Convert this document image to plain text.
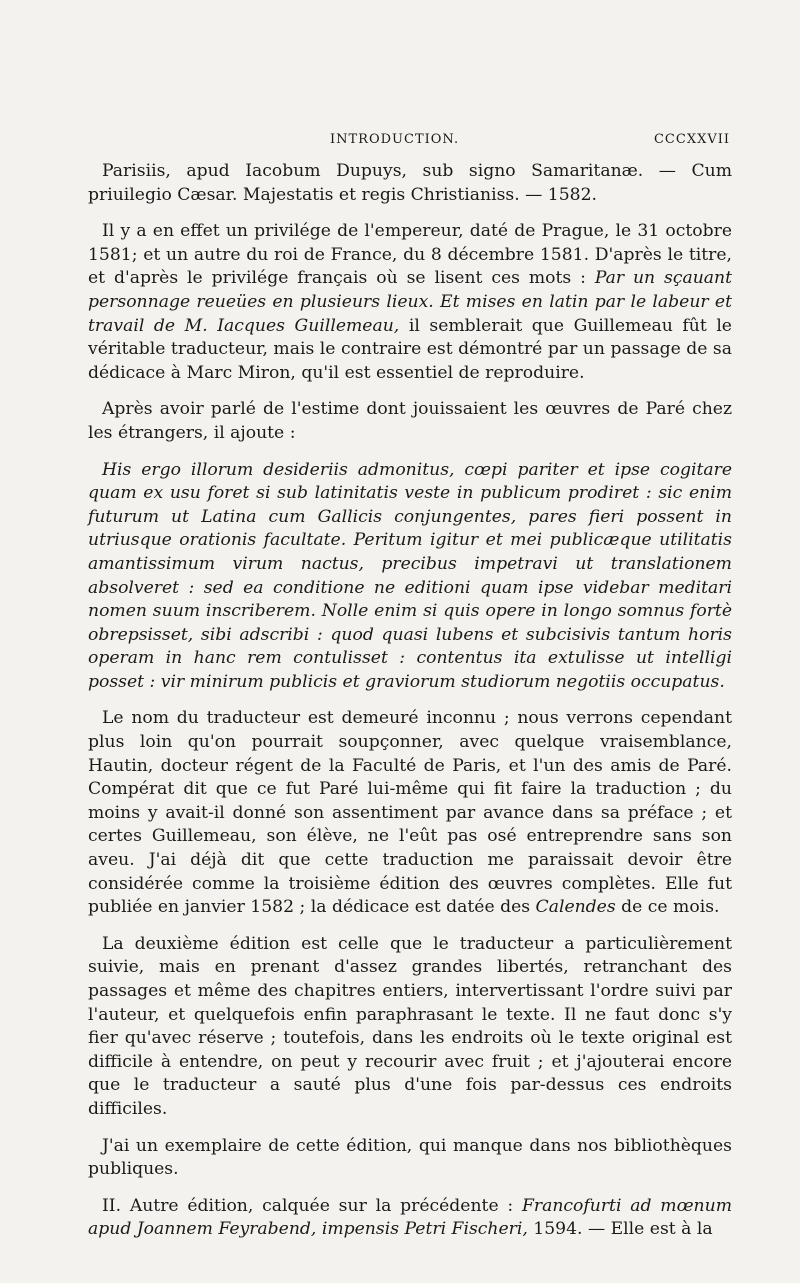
INTRODUCTION.	CCCXXVII

Parisiis, apud Iacobum Dupuys, sub signo Samaritanæ. — Cum priuilegio Cæsar. Majestatis et regis Christianiss. — 1582.

Il y a en effet un privilége de l'empereur, daté de Prague, le 31 octobre 1581; et un autre du roi de France, du 8 décembre 1581. D'après le titre, et d'après le privilége français où se lisent ces mots : Par un sçauant personnage reueües en plusieurs lieux. Et mises en latin par le labeur et travail de M. Iacques Guillemeau, il semblerait que Guillemeau fût le véritable traducteur, mais le contraire est démontré par un passage de sa dédicace à Marc Miron, qu'il est essentiel de reproduire.

Après avoir parlé de l'estime dont jouissaient les œuvres de Paré chez les étrangers, il ajoute :

His ergo illorum desideriis admonitus, cœpi pariter et ipse cogitare quam ex usu foret si sub latinitatis veste in publicum prodiret : sic enim futurum ut Latina cum Gallicis conjungentes, pares fieri possent in utriusque orationis facultate. Peritum igitur et mei publicæque utilitatis amantissimum virum nactus, precibus impetravi ut translationem absolveret : sed ea conditione ne editioni quam ipse videbar meditari nomen suum inscriberem. Nolle enim si quis opere in longo somnus fortè obrepsisset, sibi adscribi : quod quasi lubens et subcisivis tantum horis operam in hanc rem contulisset : contentus ita extulisse ut intelligi posset : vir minirum publicis et graviorum studiorum negotiis occupatus.

Le nom du traducteur est demeuré inconnu ; nous verrons cependant plus loin qu'on pourrait soupçonner, avec quelque vraisemblance, Hautin, docteur régent de la Faculté de Paris, et l'un des amis de Paré. Compérat dit que ce fut Paré lui-même qui fit faire la traduction ; du moins y avait-il donné son assentiment par avance dans sa préface ; et certes Guillemeau, son élève, ne l'eût pas osé entreprendre sans son aveu. J'ai déjà dit que cette traduction me paraissait devoir être considérée comme la troisième édition des œuvres complètes. Elle fut publiée en janvier 1582 ; la dédicace est datée des Calendes de ce mois.

La deuxième édition est celle que le traducteur a particulièrement suivie, mais en prenant d'assez grandes libertés, retranchant des passages et même des chapitres entiers, intervertissant l'ordre suivi par l'auteur, et quelquefois enfin paraphrasant le texte. Il ne faut donc s'y fier qu'avec réserve ; toutefois, dans les endroits où le texte original est difficile à entendre, on peut y recourir avec fruit ; et j'ajouterai encore que le traducteur a sauté plus d'une fois par-dessus ces endroits difficiles.

J'ai un exemplaire de cette édition, qui manque dans nos bibliothèques publiques.

II. Autre édition, calquée sur la précédente : Francofurti ad mœnum apud Joannem Feyrabend, impensis Petri Fischeri, 1594. — Elle est à la
